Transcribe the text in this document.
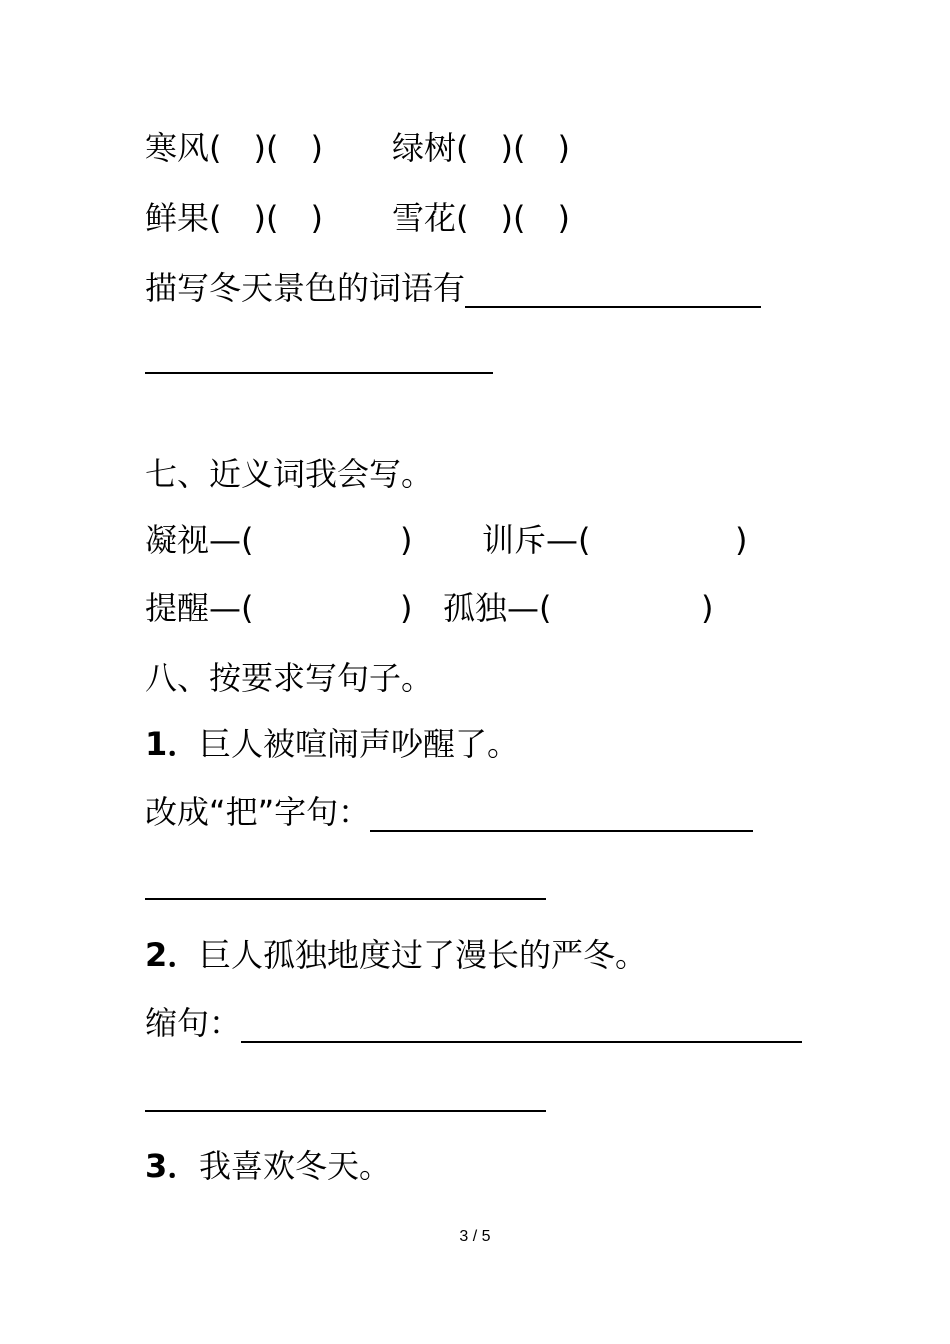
寒风(　)(　)	绿树(　)(　)
鲜果(　)(　)	雪花(　)(　)
描写冬天景色的词语有
七、近义词我会写。
凝视—(	)	训斥—(	)
提醒—(	) 孤独—(	)
八、按要求写句子。
1． 巨人被喧闹声吵醒了。
改成“把”字句：
2． 巨人孤独地度过了漫长的严冬。
缩句：
3． 我喜欢冬天。
3 / 5
